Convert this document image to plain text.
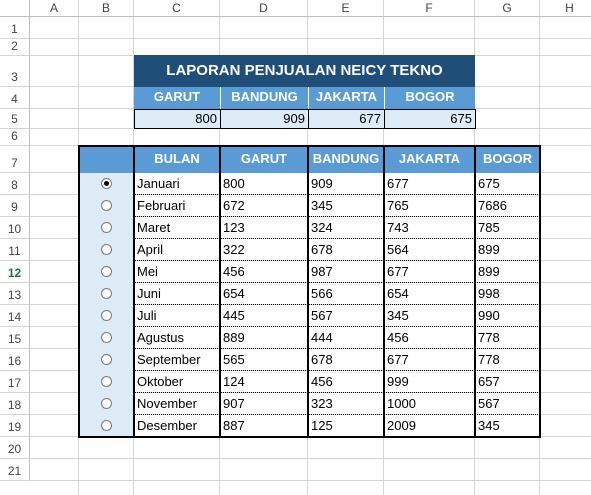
A	B	C	D	E	F	G	H
1
2
3
4
5
6
7
8
9
10
11
12
13
14
15
16
17
18
19
20
21
LAPORAN PENJUALAN NEICY TEKNO
GARUT	BANDUNG	JAKARTA	BOGOR
800	909	677	675
BULAN	GARUT	BANDUNG	JAKARTA	BOGOR
Januari	800	909	677	675
Februari	672	345	765	7686
Maret	123	324	743	785
April	322	678	564	899
Mei	456	987	677	899
Juni	654	566	654	998
Juli	445	567	345	990
Agustus	889	444	456	778
September	565	678	677	778
Oktober	124	456	999	657
November	907	323	1000	567
Desember	887	125	2009	345
